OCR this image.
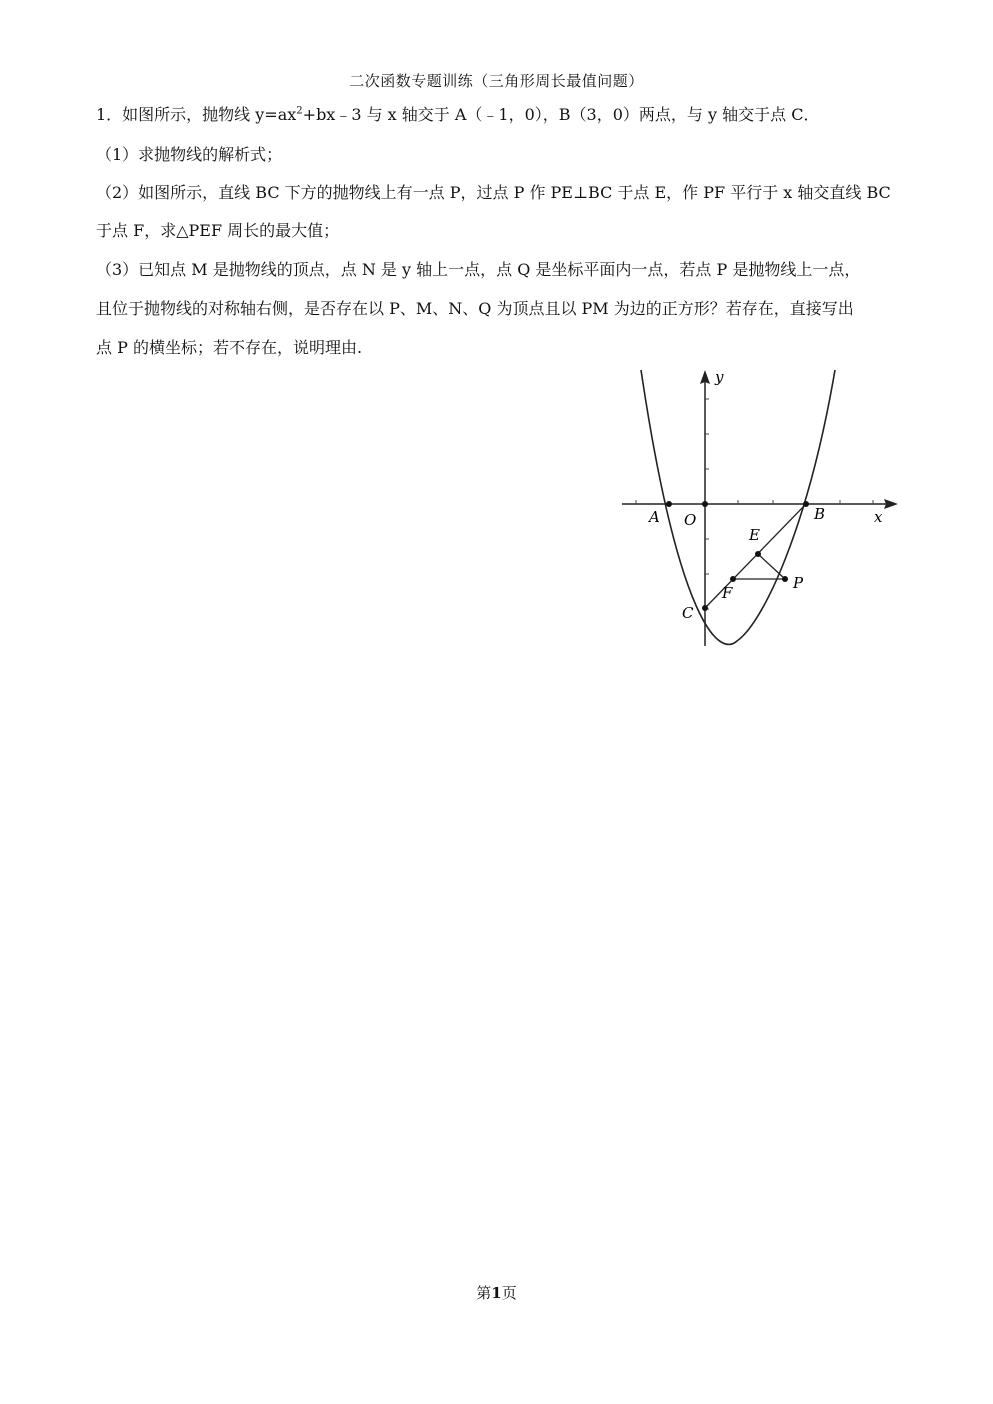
二次函数专题训练（三角形周长最值问题）
1．如图所示，抛物线 $y=ax^2+bx﹣3$ 与 x 轴交于 A（﹣1，0），B（3，0）两点，与 y 轴交于点 C．
（1）求抛物线的解析式；
（2）如图所示，直线 BC 下方的抛物线上有一点 P，过点 P 作 PE⊥BC 于点 E，作 PF 平行于 x 轴交直线 BC
于点 F，求△PEF 周长的最大值；
（3）已知点 M 是抛物线的顶点，点 N 是 y 轴上一点，点 Q 是坐标平面内一点，若点 P 是抛物线上一点，
且位于抛物线的对称轴右侧，是否存在以 P、M、N、Q 为顶点且以 PM 为边的正方形？若存在，直接写出
点 P 的横坐标；若不存在，说明理由.
x
y
A O	B
C
E
F
P
第1页
